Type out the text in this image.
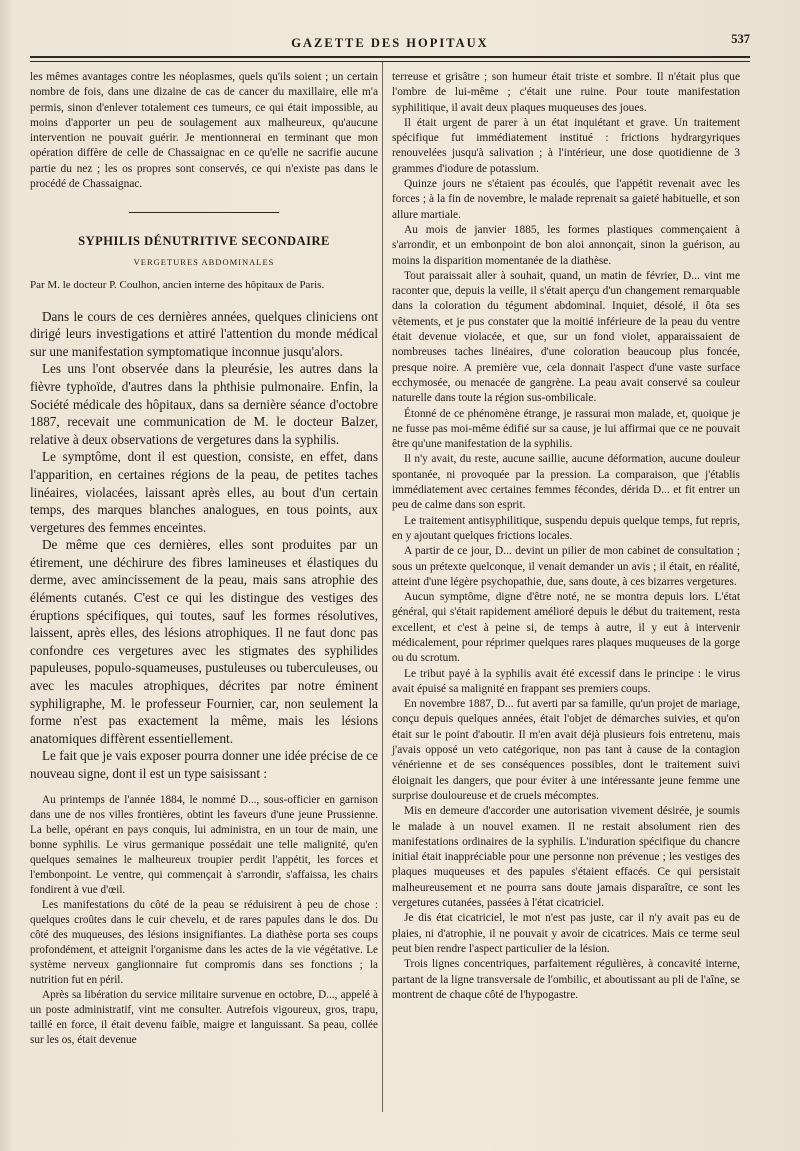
GAZETTE DES HOPITAUX	537

les mêmes avantages contre les néoplasmes, quels qu'ils soient ; un certain nombre de fois, dans une dizaine de cas de cancer du maxillaire, elle m'a permis, sinon d'enlever totalement ces tumeurs, ce qui était impossible, au moins d'apporter un peu de soulagement aux malheureux, qu'aucune intervention ne pouvait guérir. Je mentionnerai en terminant que mon opération diffère de celle de Chassaignac en ce qu'elle ne sacrifie aucune partie du nez ; les os propres sont conservés, ce qui n'existe pas dans le procédé de Chassaignac.

SYPHILIS DÉNUTRITIVE SECONDAIRE
VERGETURES ABDOMINALES

Par M. le docteur P. Coulhon, ancien interne des hôpitaux de Paris.

Dans le cours de ces dernières années, quelques cliniciens ont dirigé leurs investigations et attiré l'attention du monde médical sur une manifestation symptomatique inconnue jusqu'alors.

Les uns l'ont observée dans la pleurésie, les autres dans la fièvre typhoïde, d'autres dans la phthisie pulmonaire. Enfin, la Société médicale des hôpitaux, dans sa dernière séance d'octobre 1887, recevait une communication de M. le docteur Balzer, relative à deux observations de vergetures dans la syphilis.

Le symptôme, dont il est question, consiste, en effet, dans l'apparition, en certaines régions de la peau, de petites taches linéaires, violacées, laissant après elles, au bout d'un certain temps, des marques blanches analogues, en tous points, aux vergetures des femmes enceintes.

De même que ces dernières, elles sont produites par un étirement, une déchirure des fibres lamineuses et élastiques du derme, avec amincissement de la peau, mais sans atrophie des éléments cutanés. C'est ce qui les distingue des vestiges des éruptions spécifiques, qui toutes, sauf les formes résolutives, laissent, après elles, des lésions atrophiques. Il ne faut donc pas confondre ces vergetures avec les stigmates des syphilides papuleuses, populo-squameuses, pustuleuses ou tuberculeuses, ou avec les macules atrophiques, décrites par notre éminent syphiligraphe, M. le professeur Fournier, car, non seulement la forme n'est pas exactement la même, mais les lésions anatomiques diffèrent essentiellement.

Le fait que je vais exposer pourra donner une idée précise de ce nouveau signe, dont il est un type saisissant :

Au printemps de l'année 1884, le nommé D..., sous-officier en garnison dans une de nos villes frontières, obtint les faveurs d'une jeune Prussienne. La belle, opérant en pays conquis, lui administra, en un tour de main, une bonne syphilis. Le virus germanique possédait une telle malignité, qu'en quelques semaines le malheureux troupier perdit l'appétit, les forces et l'embonpoint. Le ventre, qui commençait à s'arrondir, s'affaissa, les chairs fondirent à vue d'œil.

Les manifestations du côté de la peau se réduisirent à peu de chose : quelques croûtes dans le cuir chevelu, et de rares papules dans le dos. Du côté des muqueuses, des lésions insignifiantes. La diathèse porta ses coups profondément, et atteignit l'organisme dans les actes de la vie végétative. Le système nerveux ganglionnaire fut compromis dans ses fonctions ; la nutrition fut en péril.

Après sa libération du service militaire survenue en octobre, D..., appelé à un poste administratif, vint me consulter. Autrefois vigoureux, gros, trapu, taillé en force, il était devenu faible, maigre et languissant. Sa peau, collée sur les os, était devenue

terreuse et grisâtre ; son humeur était triste et sombre. Il n'était plus que l'ombre de lui-même ; c'était une ruine. Pour toute manifestation syphilitique, il avait deux plaques muqueuses des joues.

Il était urgent de parer à un état inquiétant et grave. Un traitement spécifique fut immédiatement institué : frictions hydrargyriques renouvelées jusqu'à salivation ; à l'intérieur, une dose quotidienne de 3 grammes d'iodure de potassium.

Quinze jours ne s'étaient pas écoulés, que l'appétit revenait avec les forces ; à la fin de novembre, le malade reprenait sa gaieté habituelle, et son allure martiale.

Au mois de janvier 1885, les formes plastiques commençaient à s'arrondir, et un embonpoint de bon aloi annonçait, sinon la guérison, au moins la disparition momentanée de la diathèse.

Tout paraissait aller à souhait, quand, un matin de février, D... vint me raconter que, depuis la veille, il s'était aperçu d'un changement remarquable dans la coloration du tégument abdominal. Inquiet, désolé, il ôta ses vêtements, et je pus constater que la moitié inférieure de la peau du ventre était devenue violacée, et que, sur un fond violet, apparaissaient de nombreuses taches linéaires, d'une coloration beaucoup plus foncée, presque noire. A première vue, cela donnait l'aspect d'une vaste surface ecchymosée, ou menacée de gangrène. La peau avait conservé sa couleur naturelle dans toute la région sus-ombilicale.

Étonné de ce phénomène étrange, je rassurai mon malade, et, quoique je ne fusse pas moi-même édifié sur sa cause, je lui affirmai que ce ne pouvait être qu'une manifestation de la syphilis.

Il n'y avait, du reste, aucune saillie, aucune déformation, aucune douleur spontanée, ni provoquée par la pression. La comparaison, que j'établis immédiatement avec certaines femmes fécondes, dérida D... et fit entrer un peu de calme dans son esprit.

Le traitement antisyphilitique, suspendu depuis quelque temps, fut repris, en y ajoutant quelques frictions locales.

A partir de ce jour, D... devint un pilier de mon cabinet de consultation ; sous un prétexte quelconque, il venait demander un avis ; il était, en réalité, atteint d'une légère psychopathie, due, sans doute, à ces bizarres vergetures.

Aucun symptôme, digne d'être noté, ne se montra depuis lors. L'état général, qui s'était rapidement amélioré depuis le début du traitement, resta excellent, et c'est à peine si, de temps à autre, il y eut à intervenir médicalement, pour réprimer quelques rares plaques muqueuses de la gorge ou du scrotum.

Le tribut payé à la syphilis avait été excessif dans le principe : le virus avait épuisé sa malignité en frappant ses premiers coups.

En novembre 1887, D... fut averti par sa famille, qu'un projet de mariage, conçu depuis quelques années, était l'objet de démarches suivies, et qu'on était sur le point d'aboutir. Il m'en avait déjà plusieurs fois entretenu, mais j'avais opposé un veto catégorique, non pas tant à cause de la contagion vénérienne et de ses conséquences possibles, dont le traitement suivi éloignait les dangers, que pour éviter à une intéressante jeune femme une surprise douloureuse et de cruels mécomptes.

Mis en demeure d'accorder une autorisation vivement désirée, je soumis le malade à un nouvel examen. Il ne restait absolument rien des manifestations ordinaires de la syphilis. L'induration spécifique du chancre initial était inappréciable pour une personne non prévenue ; les vestiges des plaques muqueuses et des papules s'étaient effacés. Ce qui persistait malheureusement et ne pourra sans doute jamais disparaître, ce sont les vergetures cutanées, passées à l'état cicatriciel.

Je dis état cicatriciel, le mot n'est pas juste, car il n'y avait pas eu de plaies, ni d'atrophie, il ne pouvait y avoir de cicatrices. Mais ce terme seul peut bien rendre l'aspect particulier de la lésion.

Trois lignes concentriques, parfaitement régulières, à concavité interne, partant de la ligne transversale de l'ombilic, et aboutissant au pli de l'aîne, se montrent de chaque côté de l'hypogastre.
